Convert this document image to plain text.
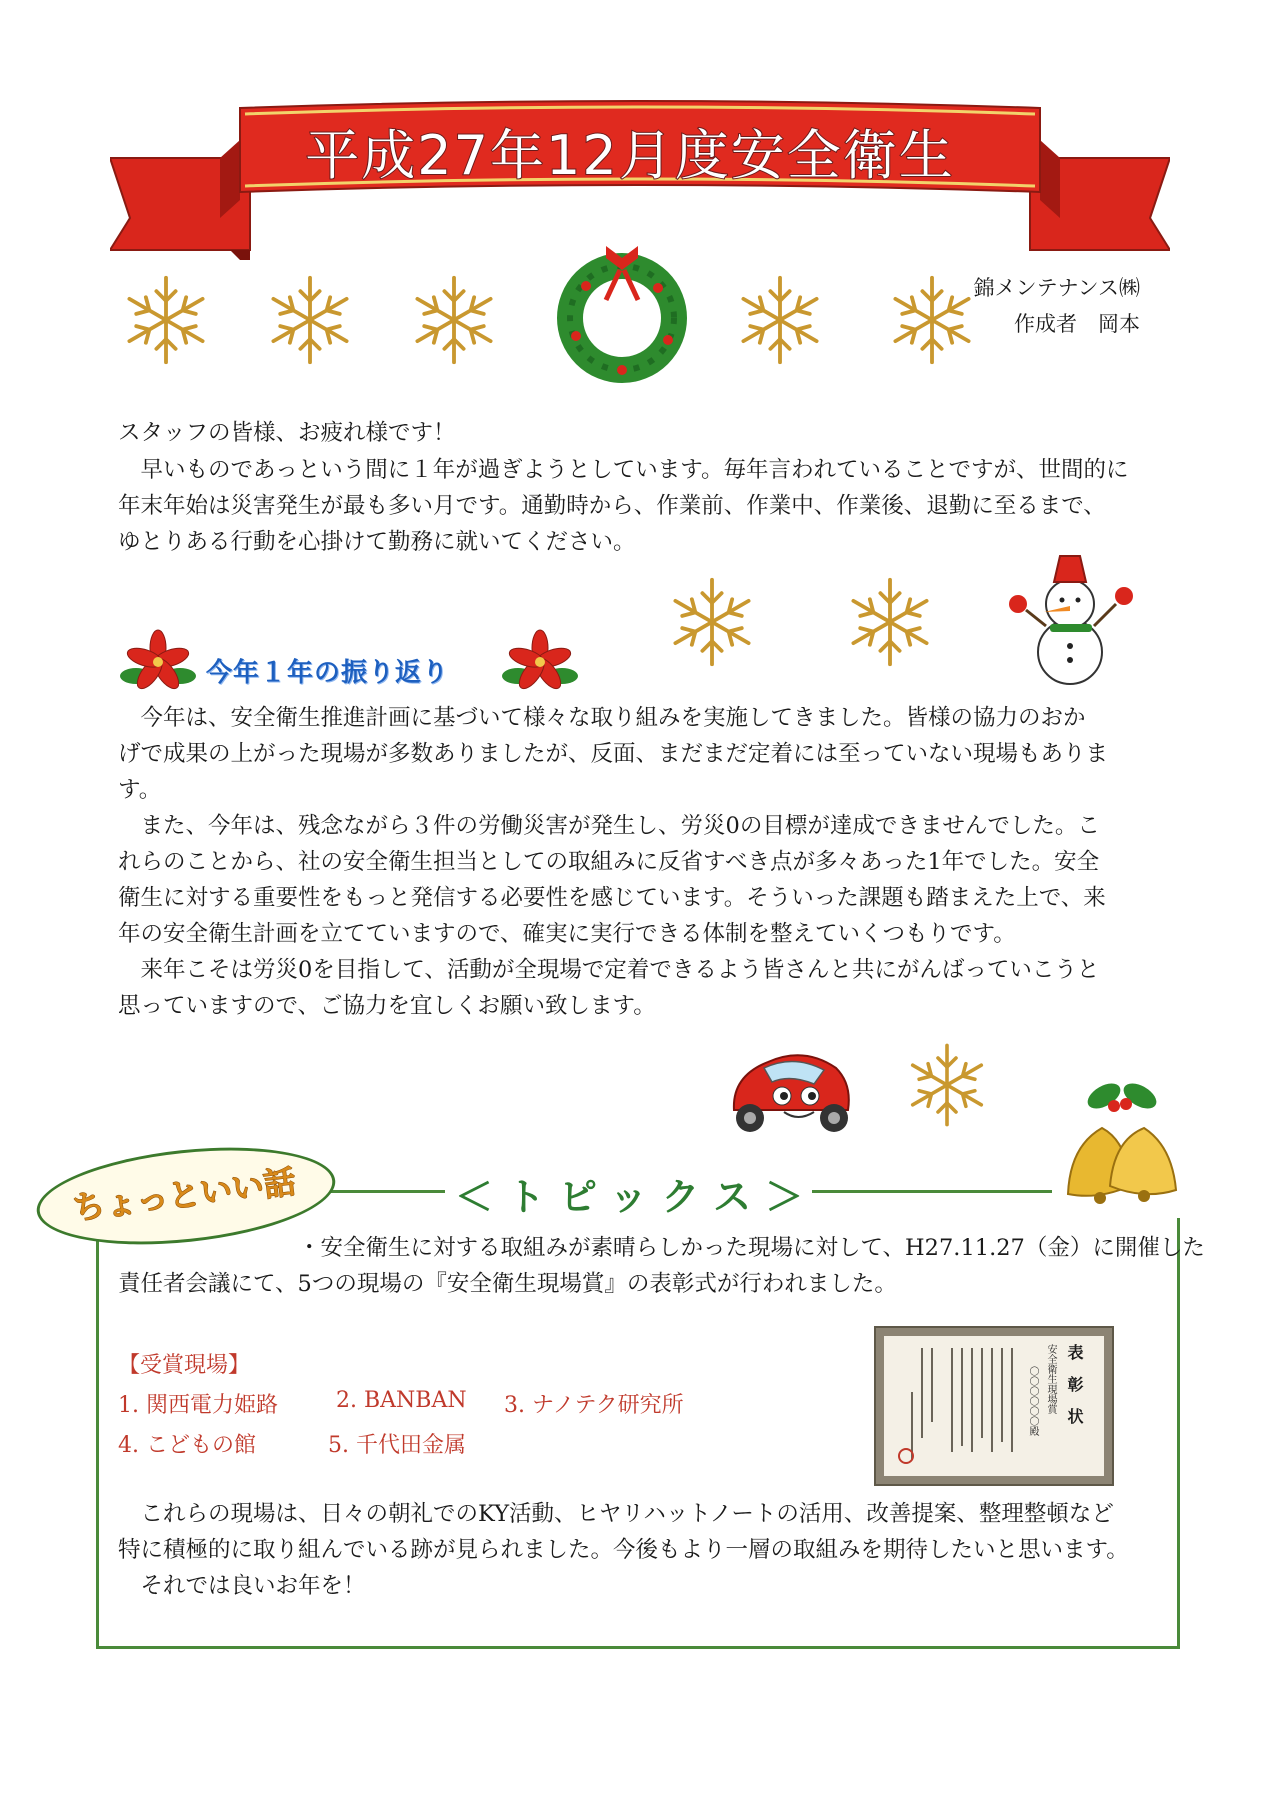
平成27年12月度安全衛生
錦メンテナンス㈱
作成者　岡本
スタッフの皆様、お疲れ様です！
　早いものであっという間に１年が過ぎようとしています。毎年言われていることですが、世間的に
年末年始は災害発生が最も多い月です。通勤時から、作業前、作業中、作業後、退勤に至るまで、
ゆとりある行動を心掛けて勤務に就いてください。
今年１年の振り返り
　今年は、安全衛生推進計画に基づいて様々な取り組みを実施してきました。皆様の協力のおか
げで成果の上がった現場が多数ありましたが、反面、まだまだ定着には至っていない現場もありま
す。
　また、今年は、残念ながら３件の労働災害が発生し、労災0の目標が達成できませんでした。こ
れらのことから、社の安全衛生担当としての取組みに反省すべき点が多々あった1年でした。安全
衛生に対する重要性をもっと発信する必要性を感じています。そういった課題も踏まえた上で、来
年の安全衛生計画を立てていますので、確実に実行できる体制を整えていくつもりです。
　来年こそは労災0を目指して、活動が全現場で定着できるよう皆さんと共にがんばっていこうと
思っていますので、ご協力を宜しくお願い致します。
＜トピックス＞
ちょっといい話
　　　　　　　　・安全衛生に対する取組みが素晴らしかった現場に対して、H27.11.27（金）に開催した
責任者会議にて、5つの現場の『安全衛生現場賞』の表彰式が行われました。
【受賞現場】
1. 関西電力姫路	2. BANBAN 3. ナノテク研究所
4. こどもの館	5. 千代田金属
表　彰　状
安全衛生現場賞
〇〇〇〇〇〇殿
　これらの現場は、日々の朝礼でのKY活動、ヒヤリハットノートの活用、改善提案、整理整頓など
特に積極的に取り組んでいる跡が見られました。今後もより一層の取組みを期待したいと思います。
　それでは良いお年を！
